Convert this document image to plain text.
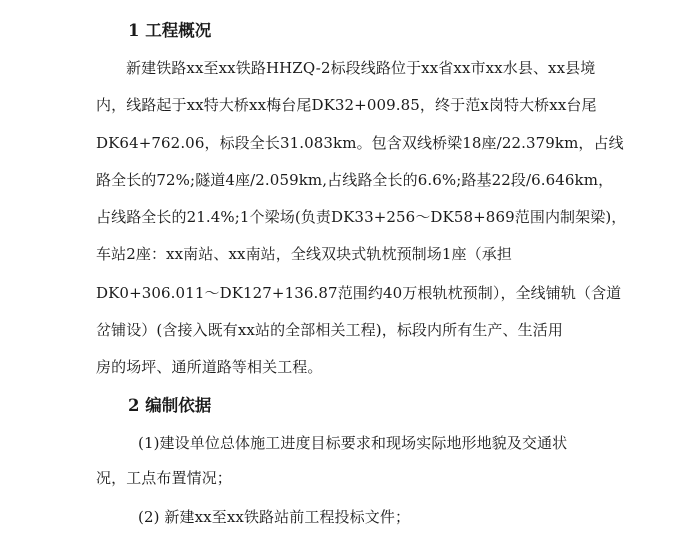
1 工程概况
新建铁路xx至xx铁路HHZQ-2标段线路位于xx省xx市xx水县、xx县境
内，线路起于xx特大桥xx梅台尾DK32+009.85，终于范x岗特大桥xx台尾
DK64+762.06，标段全长31.083km。包含双线桥梁18座/22.379km，占线
路全长的72%;隧道4座/2.059km,占线路全长的6.6%;路基22段/6.646km，
占线路全长的21.4%;1个梁场(负责DK33+256～DK58+869范围内制架梁)，
车站2座：xx南站、xx南站，全线双块式轨枕预制场1座（承担
DK0+306.011～DK127+136.87范围约40万根轨枕预制），全线铺轨（含道
岔铺设）(含接入既有xx站的全部相关工程)，标段内所有生产、生活用
房的场坪、通所道路等相关工程。
2 编制依据
(1)建设单位总体施工进度目标要求和现场实际地形地貌及交通状
况，工点布置情况；
(2) 新建xx至xx铁路站前工程投标文件；
